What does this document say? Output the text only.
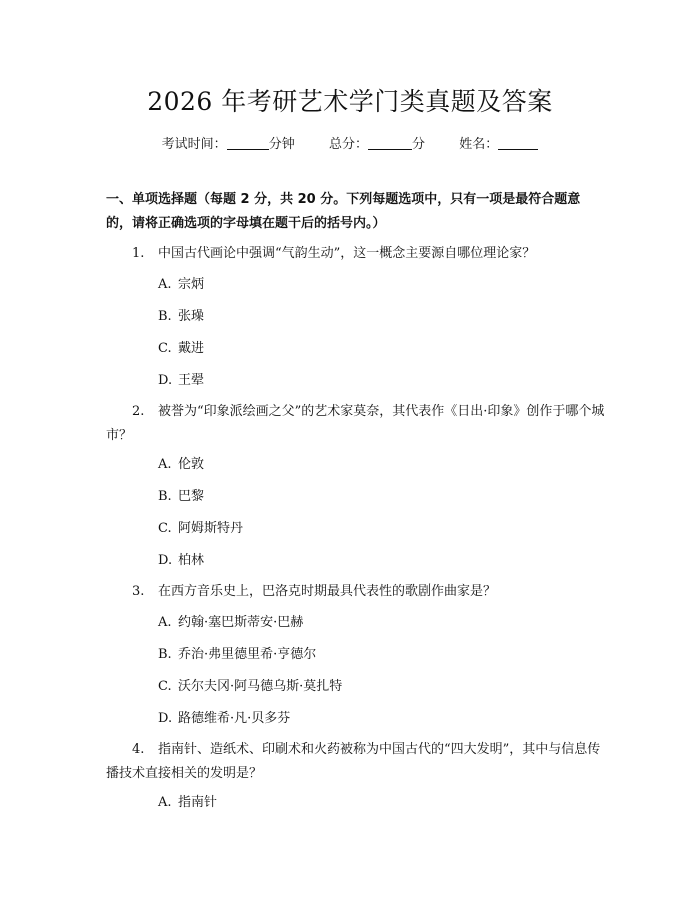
2026 年考研艺术学门类真题及答案
考试时间：	分钟	总分：	分	姓名：
一、单项选择题（每题 2 分，共 20 分。下列每题选项中，只有一项是最符合题意的，请将正确选项的字母填在题干后的括号内。）
1. 中国古代画论中强调“气韵生动”，这一概念主要源自哪位理论家？
A. 宗炳
B. 张璪
C. 戴进
D. 王翚
2. 被誉为“印象派绘画之父”的艺术家莫奈，其代表作《日出·印象》创作于哪个城市？
A. 伦敦
B. 巴黎
C. 阿姆斯特丹
D. 柏林
3. 在西方音乐史上，巴洛克时期最具代表性的歌剧作曲家是？
A. 约翰·塞巴斯蒂安·巴赫
B. 乔治·弗里德里希·亨德尔
C. 沃尔夫冈·阿马德乌斯·莫扎特
D. 路德维希·凡·贝多芬
4. 指南针、造纸术、印刷术和火药被称为中国古代的“四大发明”，其中与信息传播技术直接相关的发明是？
A. 指南针
